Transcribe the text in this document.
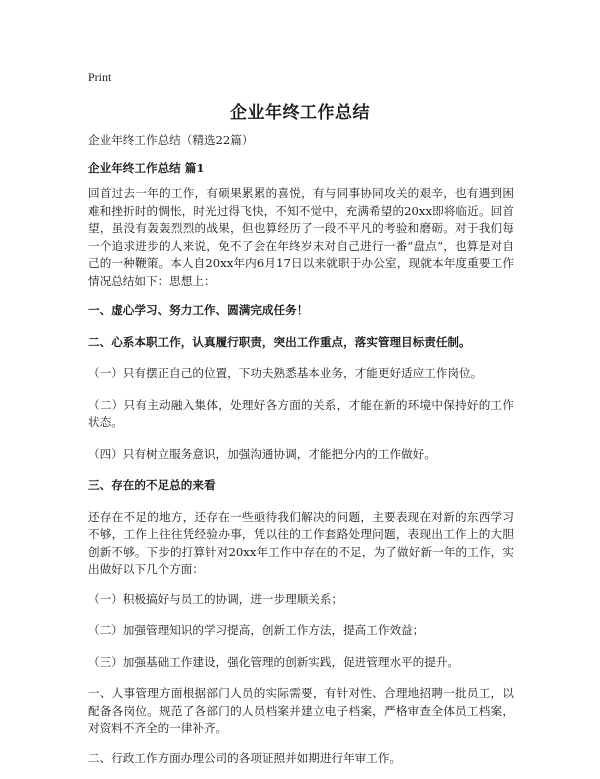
Print
企业年终工作总结
企业年终工作总结（精选22篇）
企业年终工作总结 篇1
回首过去一年的工作，有硕果累累的喜悦，有与同事协同攻关的艰辛，也有遇到困难和挫折时的惆怅，时光过得飞快，不知不觉中，充满希望的20xx即将临近。回首望，虽没有轰轰烈烈的战果，但也算经历了一段不平凡的考验和磨砺。对于我们每一个追求进步的人来说，免不了会在年终岁末对自己进行一番“盘点”，也算是对自己的一种鞭策。本人自20xx年内6月17日以来就职于办公室，现就本年度重要工作情况总结如下：思想上：
一、虚心学习、努力工作、圆满完成任务！
二、心系本职工作，认真履行职责，突出工作重点，落实管理目标责任制。
（一）只有摆正自己的位置，下功夫熟悉基本业务，才能更好适应工作岗位。
（二）只有主动融入集体，处理好各方面的关系，才能在新的环境中保持好的工作状态。
（四）只有树立服务意识，加强沟通协调，才能把分内的工作做好。
三、存在的不足总的来看
还存在不足的地方，还存在一些亟待我们解决的问题，主要表现在对新的东西学习不够，工作上往往凭经验办事，凭以往的工作套路处理问题，表现出工作上的大胆创新不够。下步的打算针对20xx年工作中存在的不足，为了做好新一年的工作，实出做好以下几个方面：
（一）积极搞好与员工的协调，进一步理顺关系；
（二）加强管理知识的学习提高，创新工作方法，提高工作效益；
（三）加强基础工作建设，强化管理的创新实践，促进管理水平的提升。
一、人事管理方面根据部门人员的实际需要，有针对性、合理地招聘一批员工，以配备各岗位。规范了各部门的人员档案并建立电子档案，严格审查全体员工档案，对资料不齐全的一律补齐。
二、行政工作方面办理公司的各项证照并如期进行年审工作。
